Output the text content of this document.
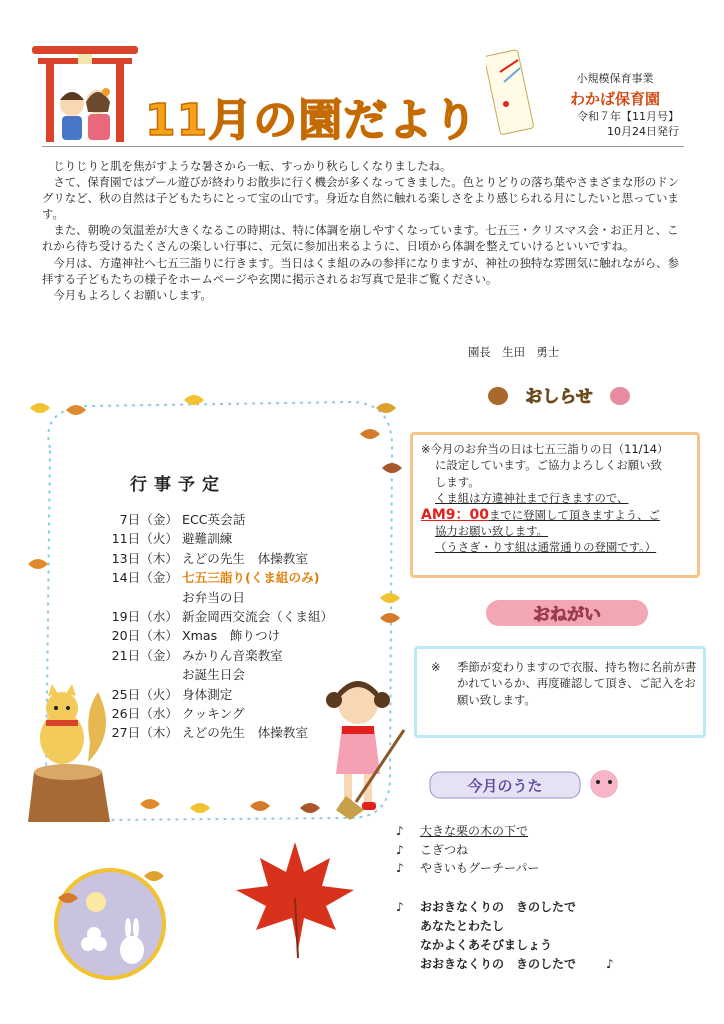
11月の園だより
小規模保育事業
わかば保育園
令和７年【11月号】
10月24日発行

じりじりと肌を焦がすような暑さから一転、すっかり秋らしくなりましたね。

さて、保育園ではプール遊びが終わりお散歩に行く機会が多くなってきました。色とりどりの落ち葉やさまざまな形のドングリなど、秋の自然は子どもたちにとって宝の山です。身近な自然に触れる楽しさをより感じられる月にしたいと思っています。

また、朝晩の気温差が大きくなるこの時期は、特に体調を崩しやすくなっています。七五三・クリスマス会・お正月と、これから待ち受けるたくさんの楽しい行事に、元気に参加出来るように、日頃から体調を整えていけるといいですね。

今月は、方違神社へ七五三詣りに行きます。当日はくま組のみの参拝になりますが、神社の独特な雰囲気に触れながら、参拝する子どもたちの様子をホームページや玄関に掲示されるお写真で是非ご覧ください。

今月もよろしくお願いします。

園長　生田　勇士
行事予定
7日（金） ECC英会話
11日（火） 避難訓練
13日（木） えどの先生　体操教室
14日（金） 七五三詣り(くま組のみ)
お弁当の日
19日（水） 新金岡西交流会（くま組）
20日（木） Xmas　飾りつけ
21日（金） みかりん音楽教室
お誕生日会
25日（火） 身体測定
26日（水） クッキング
27日（木） えどの先生　体操教室
おしらせ
※今月のお弁当の日は七五三詣りの日（11/14）
に設定しています。ご協力よろしくお願い致
します。
くま組は方違神社まで行きますので、
AM9：00までに登園して頂きますよう、ご
協力お願い致します。
（うさぎ・りす組は通常通りの登園です。）
おねがい
※ 季節が変わりますので衣服、持ち物に名前が書かれているか、再度確認して頂き、ご記入をお願い致します。
今月のうた
♪ 大きな栗の木の下で
♪ こぎつね
♪ やきいもグーチーパー
♪ おおきなくりの　きのしたで
あなたとわたし
なかよくあそびましょう
おおきなくりの　きのしたで	♪
